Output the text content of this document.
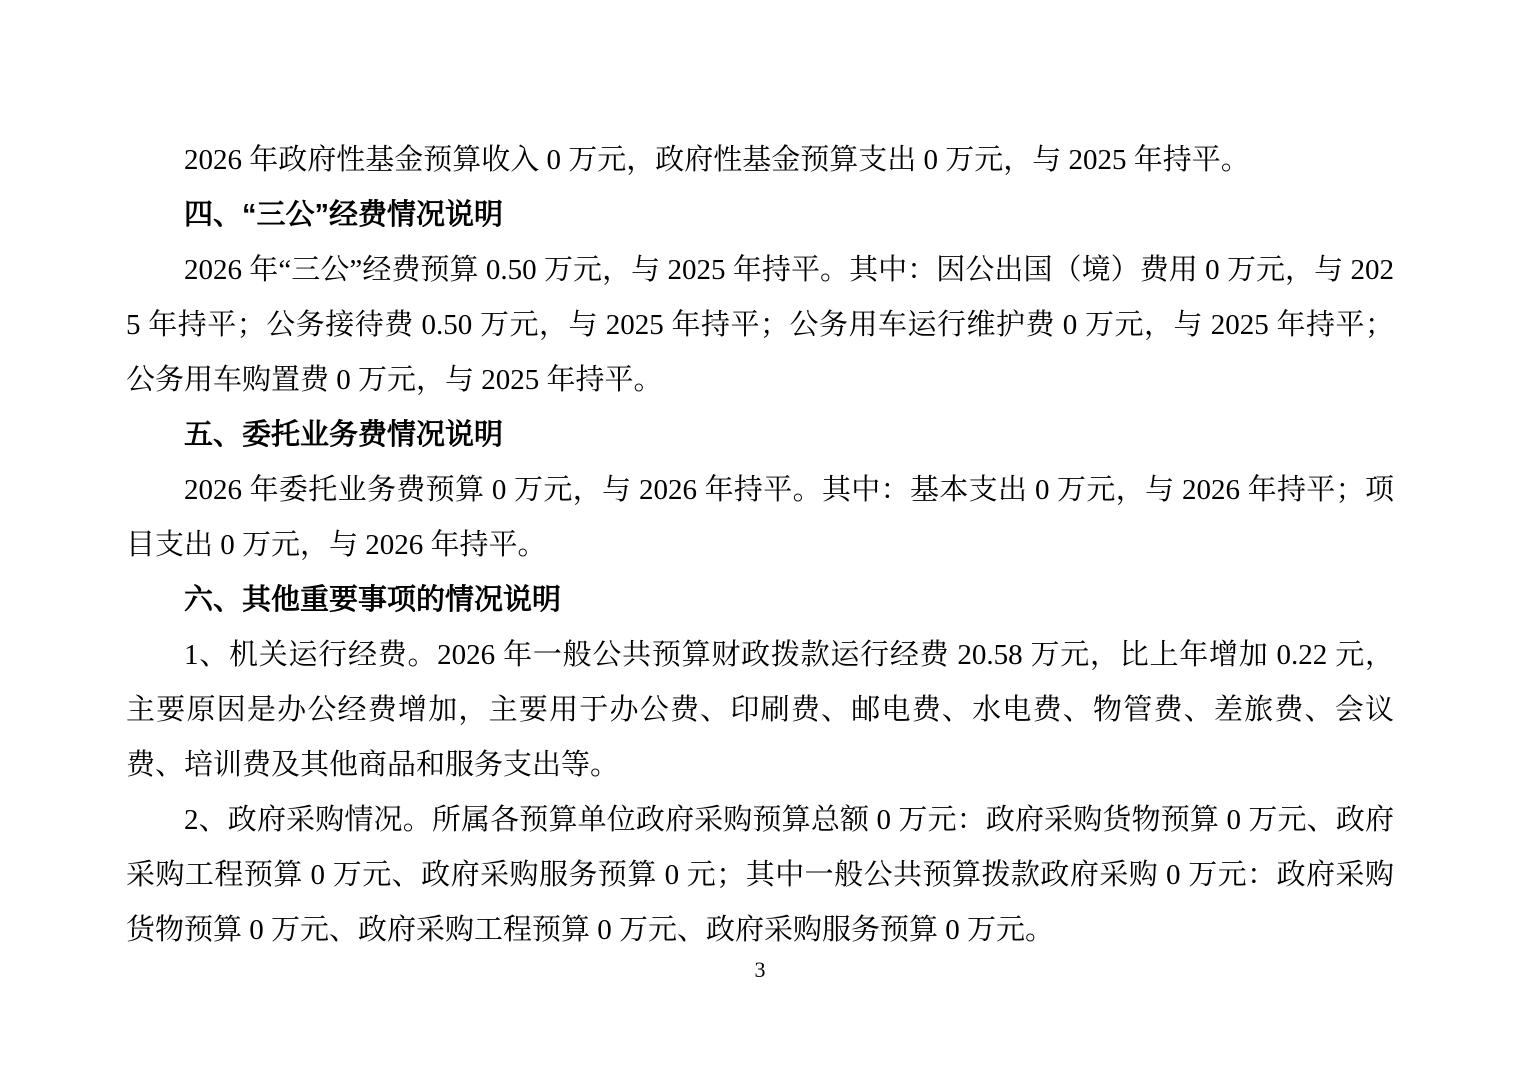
2026 年政府性基金预算收入 0 万元，政府性基金预算支出 0 万元，与 2025 年持平。

四、“三公”经费情况说明

2026 年“三公”经费预算 0.50 万元，与 2025 年持平。其中：因公出国（境）费用 0 万元，与 2025 年持平；公务接待费 0.50 万元，与 2025 年持平；公务用车运行维护费 0 万元，与 2025 年持平；公务用车购置费 0 万元，与 2025 年持平。

五、委托业务费情况说明

2026 年委托业务费预算 0 万元，与 2026 年持平。其中：基本支出 0 万元，与 2026 年持平；项目支出 0 万元，与 2026 年持平。

六、其他重要事项的情况说明

1、机关运行经费。2026 年一般公共预算财政拨款运行经费 20.58 万元，比上年增加 0.22 元，主要原因是办公经费增加，主要用于办公费、印刷费、邮电费、水电费、物管费、差旅费、会议费、培训费及其他商品和服务支出等。

2、政府采购情况。所属各预算单位政府采购预算总额 0 万元：政府采购货物预算 0 万元、政府采购工程预算 0 万元、政府采购服务预算 0 元；其中一般公共预算拨款政府采购 0 万元：政府采购货物预算 0 万元、政府采购工程预算 0 万元、政府采购服务预算 0 万元。

3
